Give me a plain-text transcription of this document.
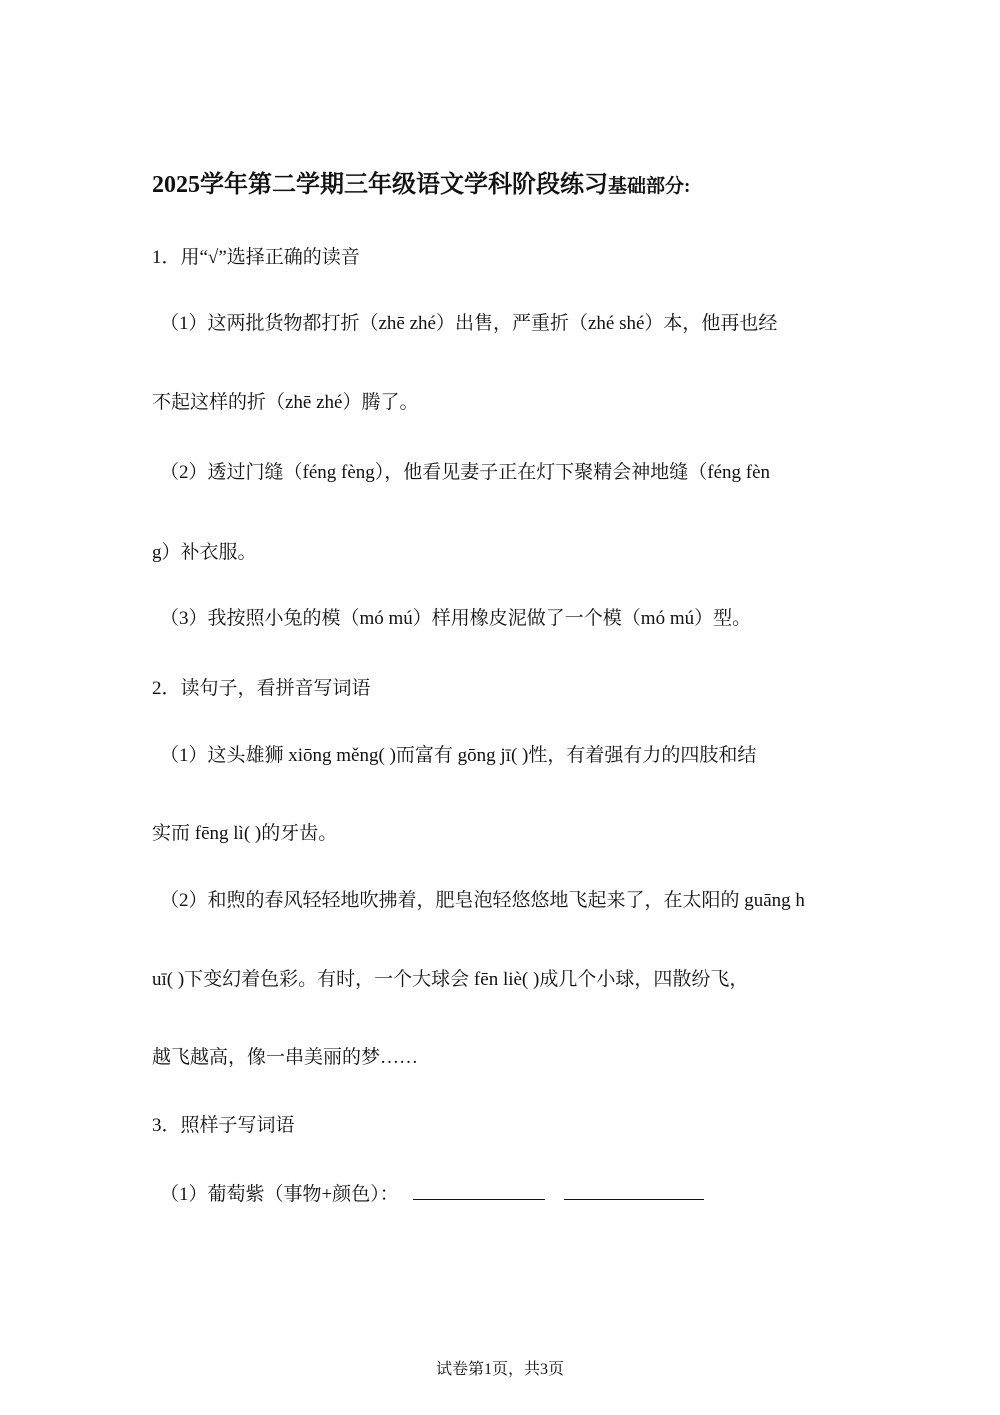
2025学年第二学期三年级语文学科阶段练习基础部分:
1．用“√”选择正确的读音
（1）这两批货物都打折（zhē zhé）出售，严重折（zhé shé）本，他再也经
不起这样的折（zhē zhé）腾了。
（2）透过门缝（féng fèng），他看见妻子正在灯下聚精会神地缝（féng fèn
g）补衣服。
（3）我按照小兔的模（mó mú）样用橡皮泥做了一个模（mó mú）型。
2．读句子，看拼音写词语
（1）这头雄狮 xiōng měng( )而富有 gōng jī( )性，有着强有力的四肢和结
实而 fēng lì( )的牙齿。
（2）和煦的春风轻轻地吹拂着，肥皂泡轻悠悠地飞起来了，在太阳的 guāng h
uī( )下变幻着色彩。有时，一个大球会 fēn liè( )成几个小球，四散纷飞，
越飞越高，像一串美丽的梦……
3．照样子写词语
（1）葡萄紫（事物+颜色）：
试卷第1页，共3页
